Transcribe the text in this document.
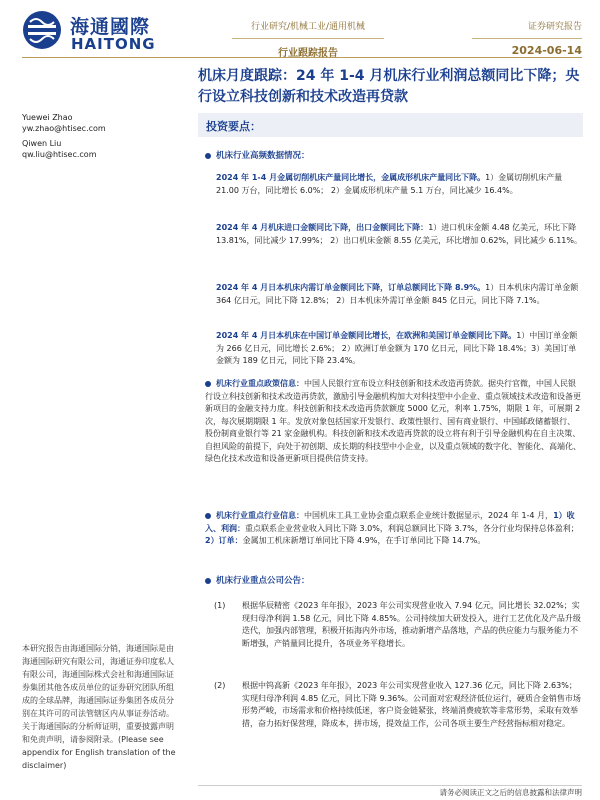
海通國際
HAITONG
行业研究/机械工业/通用机械
行业跟踪报告
证券研究报告
2024-06-14
机床月度跟踪：24 年 1-4 月机床行业利润总额同比下降；央行设立科技创新和技术改造再贷款
Yuewei Zhao
yw.zhao@htisec.com
Qiwen Liu
qw.liu@htisec.com
本研究报告由海通国际分销，海通国际是由海通国际研究有限公司，海通证券印度私人有限公司，海通国际株式会社和海通国际证券集团其他各成员单位的证券研究团队所组成的全球品牌，海通国际证券集团各成员分别在其许可的司法管辖区内从事证券活动。关于海通国际的分析师证明，重要披露声明和免责声明，请参阅附录。(Please see appendix for English translation of the disclaimer)
投资要点：
机床行业高频数据情况：
2024 年 1-4 月金属切削机床产量同比增长，金属成形机床产量同比下降。1）金属切削机床产量 21.00 万台，同比增长 6.0%； 2）金属成形机床产量 5.1 万台，同比减少 16.4%。
2024 年 4 月机床进口金额同比下降，出口金额同比下降：1）进口机床金额 4.48 亿美元，环比下降 13.81%，同比减少 17.99%； 2）出口机床金额 8.55 亿美元，环比增加 0.62%，同比减少 6.11%。
2024 年 4 月日本机床内需订单金额同比下降，订单总额同比下降 8.9%。1）日本机床内需订单金额 364 亿日元，同比下降 12.8%； 2）日本机床外需订单金额 845 亿日元，同比下降 7.1%。
2024 年 4 月日本机床在中国订单金额同比增长，在欧洲和美国订单金额同比下降。1）中国订单金额为 266 亿日元，同比增长 2.6%； 2）欧洲订单金额为 170 亿日元，同比下降 18.4%；3）美国订单金额为 189 亿日元，同比下降 23.4%。
机床行业重点政策信息：中国人民银行宣布设立科技创新和技术改造再贷款。据央行官微，中国人民银行设立科技创新和技术改造再贷款，激励引导金融机构加大对科技型中小企业、重点领域技术改造和设备更新项目的金融支持力度。科技创新和技术改造再贷款额度 5000 亿元，利率 1.75%，期限 1 年，可展期 2 次，每次展期期限 1 年。发放对象包括国家开发银行、政策性银行、国有商业银行、中国邮政储蓄银行、股份制商业银行等 21 家金融机构。科技创新和技术改造再贷款的设立将有利于引导金融机构在自主决策、自担风险的前提下，向处于初创期、成长期的科技型中小企业，以及重点领域的数字化、智能化、高端化、绿色化技术改造和设备更新项目提供信贷支持。
机床行业重点行业信息：中国机床工具工业协会重点联系企业统计数据显示，2024 年 1-4 月，1）收入、利润：重点联系企业营业收入同比下降 3.0%，利润总额同比下降 3.7%，各分行业均保持总体盈利；2）订单：金属加工机床新增订单同比下降 4.9%，在手订单同比下降 14.7%。
机床行业重点公司公告：
(1) 根据华辰精密《2023 年年报》，2023 年公司实现营业收入 7.94 亿元，同比增长 32.02%；实现归母净利润 1.58 亿元，同比下降 4.85%。公司持续加大研发投入，进行工艺优化及产品升级迭代，加强内部管理，积极开拓海内外市场，推动新增产品落地，产品的供应能力与服务能力不断增强，产销量同比提升，各项业务平稳增长。
(2) 根据中钨高新《2023 年年报》，2023 年公司实现营业收入 127.36 亿元，同比下降 2.63%；实现归母净利润 4.85 亿元，同比下降 9.36%。公司面对宏观经济低位运行，硬质合金销售市场形势严峻，市场需求和价格持续低迷，客户资金链紧张，终端消费疲软等非常形势，采取有效举措，奋力拓好保营理，降成本，拼市场，提效益工作，公司各项主要生产经营指标相对稳定。
请务必阅读正文之后的信息披露和法律声明
